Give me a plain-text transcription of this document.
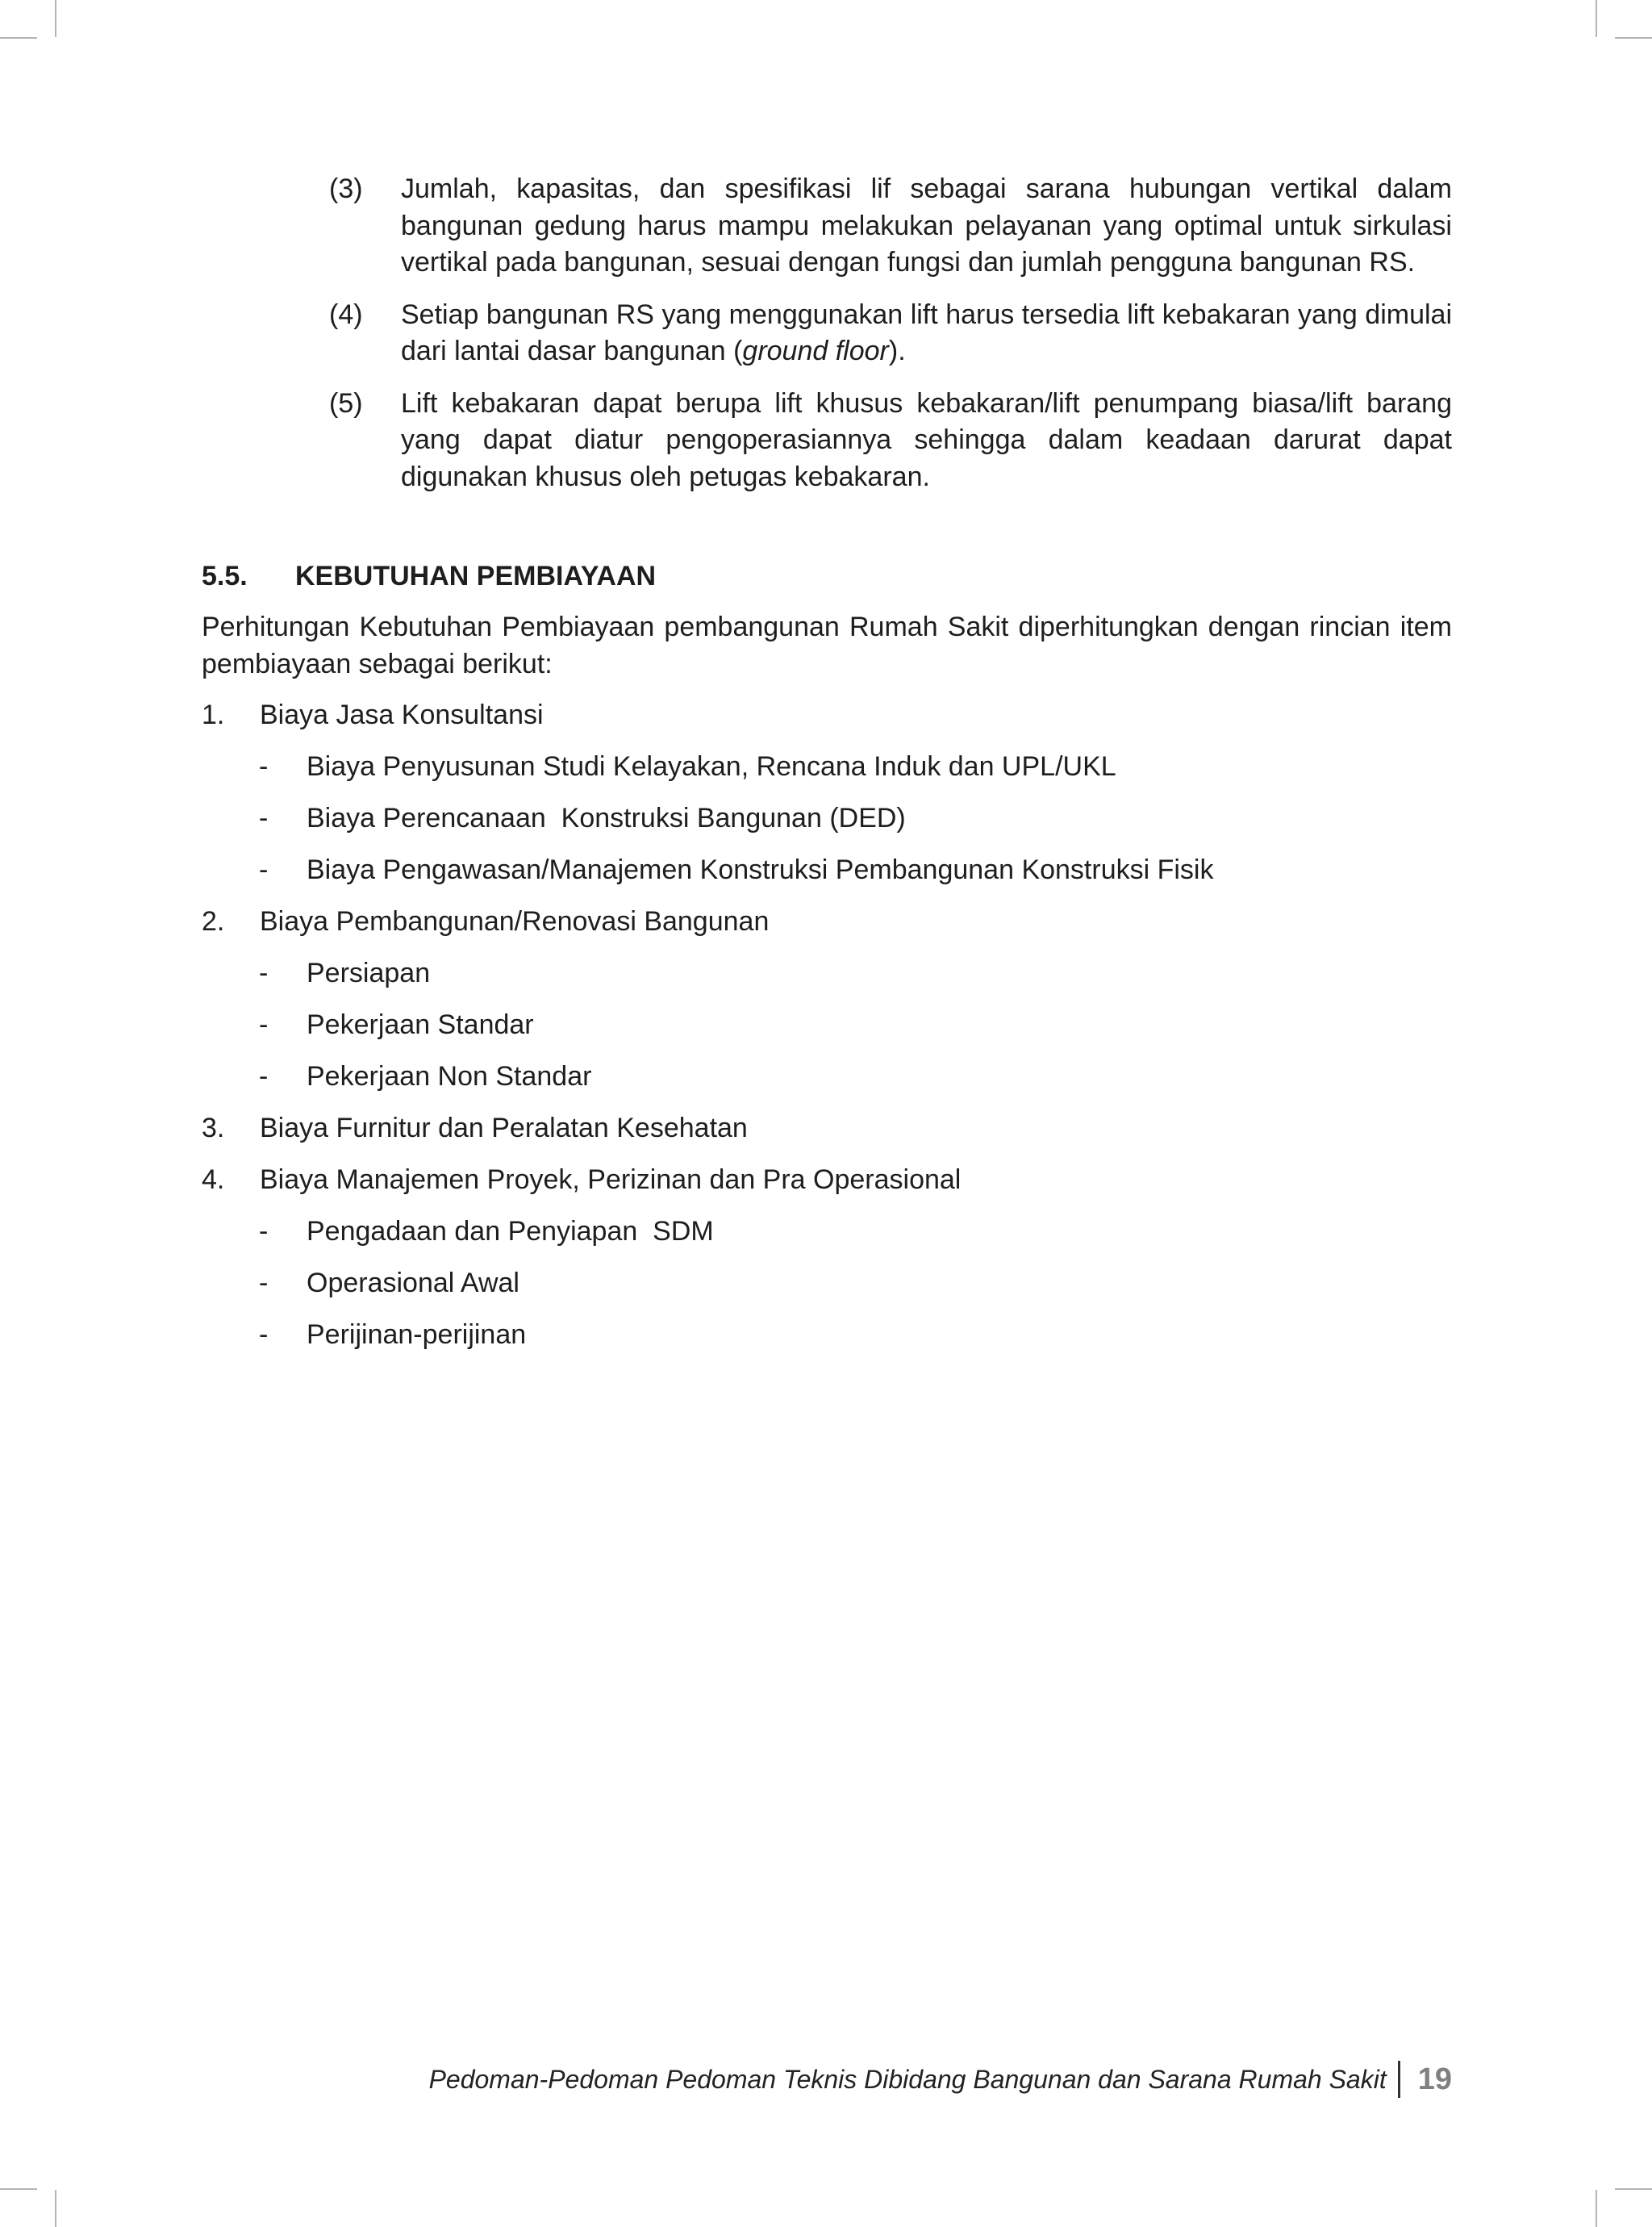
(3) Jumlah, kapasitas, dan spesifikasi lif sebagai sarana hubungan vertikal dalam bangunan gedung harus mampu melakukan pelayanan yang optimal untuk sirkulasi vertikal pada bangunan, sesuai dengan fungsi dan jumlah pengguna bangunan RS.
(4) Setiap bangunan RS yang menggunakan lift harus tersedia lift kebakaran yang dimulai dari lantai dasar bangunan (ground floor).
(5) Lift kebakaran dapat berupa lift khusus kebakaran/lift penumpang biasa/lift barang yang dapat diatur pengoperasiannya sehingga dalam keadaan darurat dapat digunakan khusus oleh petugas kebakaran.
5.5. KEBUTUHAN PEMBIAYAAN
Perhitungan Kebutuhan Pembiayaan pembangunan Rumah Sakit diperhitungkan dengan rincian item pembiayaan sebagai berikut:
1. Biaya Jasa Konsultansi
- Biaya Penyusunan Studi Kelayakan, Rencana Induk dan UPL/UKL
- Biaya Perencanaan  Konstruksi Bangunan (DED)
- Biaya Pengawasan/Manajemen Konstruksi Pembangunan Konstruksi Fisik
2. Biaya Pembangunan/Renovasi Bangunan
- Persiapan
- Pekerjaan Standar
- Pekerjaan Non Standar
3. Biaya Furnitur dan Peralatan Kesehatan
4. Biaya Manajemen Proyek, Perizinan dan Pra Operasional
- Pengadaan dan Penyiapan  SDM
- Operasional Awal
- Perijinan-perijinan
Pedoman-Pedoman Pedoman Teknis Dibidang Bangunan dan Sarana Rumah Sakit 19
